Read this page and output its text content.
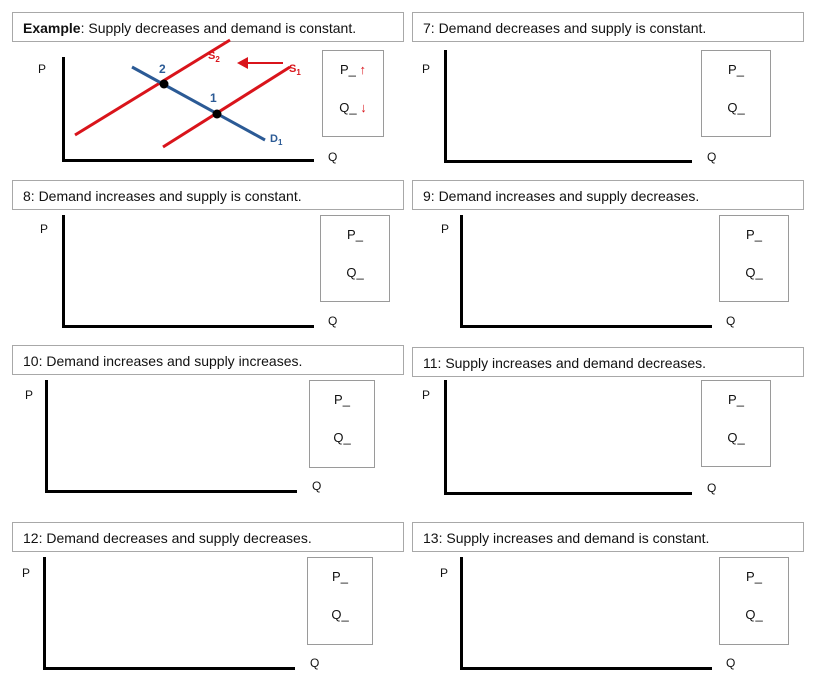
Example: Supply decreases and demand is constant.
P
Q
$S_2$
$S_1$
$D_1$
2
1
P_ ↑
Q_ ↓
7: Demand decreases and supply is constant.
P
Q
P_
Q_
8: Demand increases and supply is constant.
P
Q
P_
Q_
9: Demand increases and supply decreases.
P
Q
P_
Q_
10: Demand increases and supply increases.
P
Q
P_
Q_
11: Supply increases and demand decreases.
P
Q
P_
Q_
12: Demand decreases and supply decreases.
P
Q
P_
Q_
13: Supply increases and demand is constant.
P
Q
P_
Q_
